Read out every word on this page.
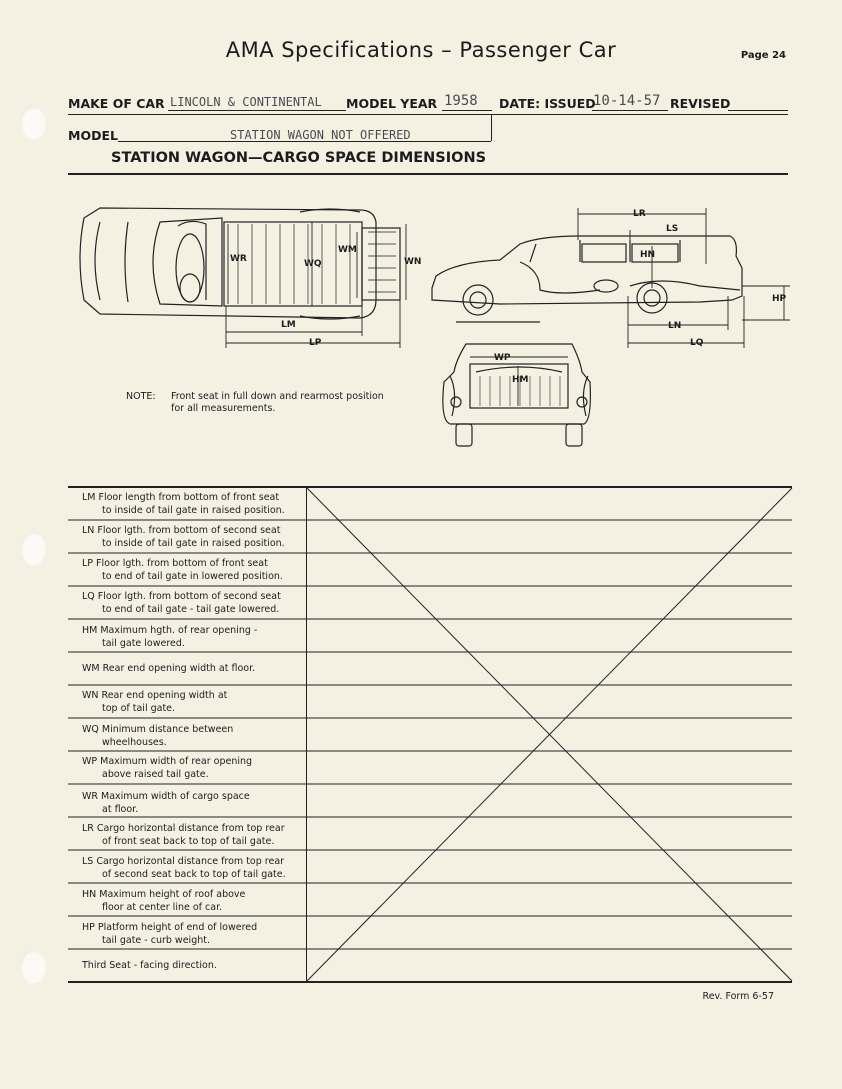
AMA Specifications – Passenger Car	Page 24
MAKE OF CAR LINCOLN & CONTINENTAL MODEL YEAR 1958 DATE: ISSUED
10-14-57 REVISED
MODEL	STATION WAGON NOT OFFERED
STATION WAGON—CARGO SPACE DIMENSIONS
WR	WQ
WM
WN
LM
LP
LR
LS
HN
HP
LN
LQ
WP
HM
NOTE: Front seat in full down and rearmost position
for all measurements.
LM Floor length from bottom of front seat
to inside of tail gate in raised position.
LN Floor lgth. from bottom of second seat
to inside of tail gate in raised position.
LP Floor lgth. from bottom of front seat
to end of tail gate in lowered position.
LQ Floor lgth. from bottom of second seat
to end of tail gate - tail gate lowered.
HM Maximum hgth. of rear opening -
tail gate lowered.
WM Rear end opening width at floor.
WN Rear end opening width at
top of tail gate.
WQ Minimum distance between
wheelhouses.
WP Maximum width of rear opening
above raised tail gate.
WR Maximum width of cargo space
at floor.
LR Cargo horizontal distance from top rear
of front seat back to top of tail gate.
LS Cargo horizontal distance from top rear
of second seat back to top of tail gate.
HN Maximum height of roof above
floor at center line of car.
HP Platform height of end of lowered
tail gate - curb weight.
Third Seat - facing direction.
Rev. Form 6-57
